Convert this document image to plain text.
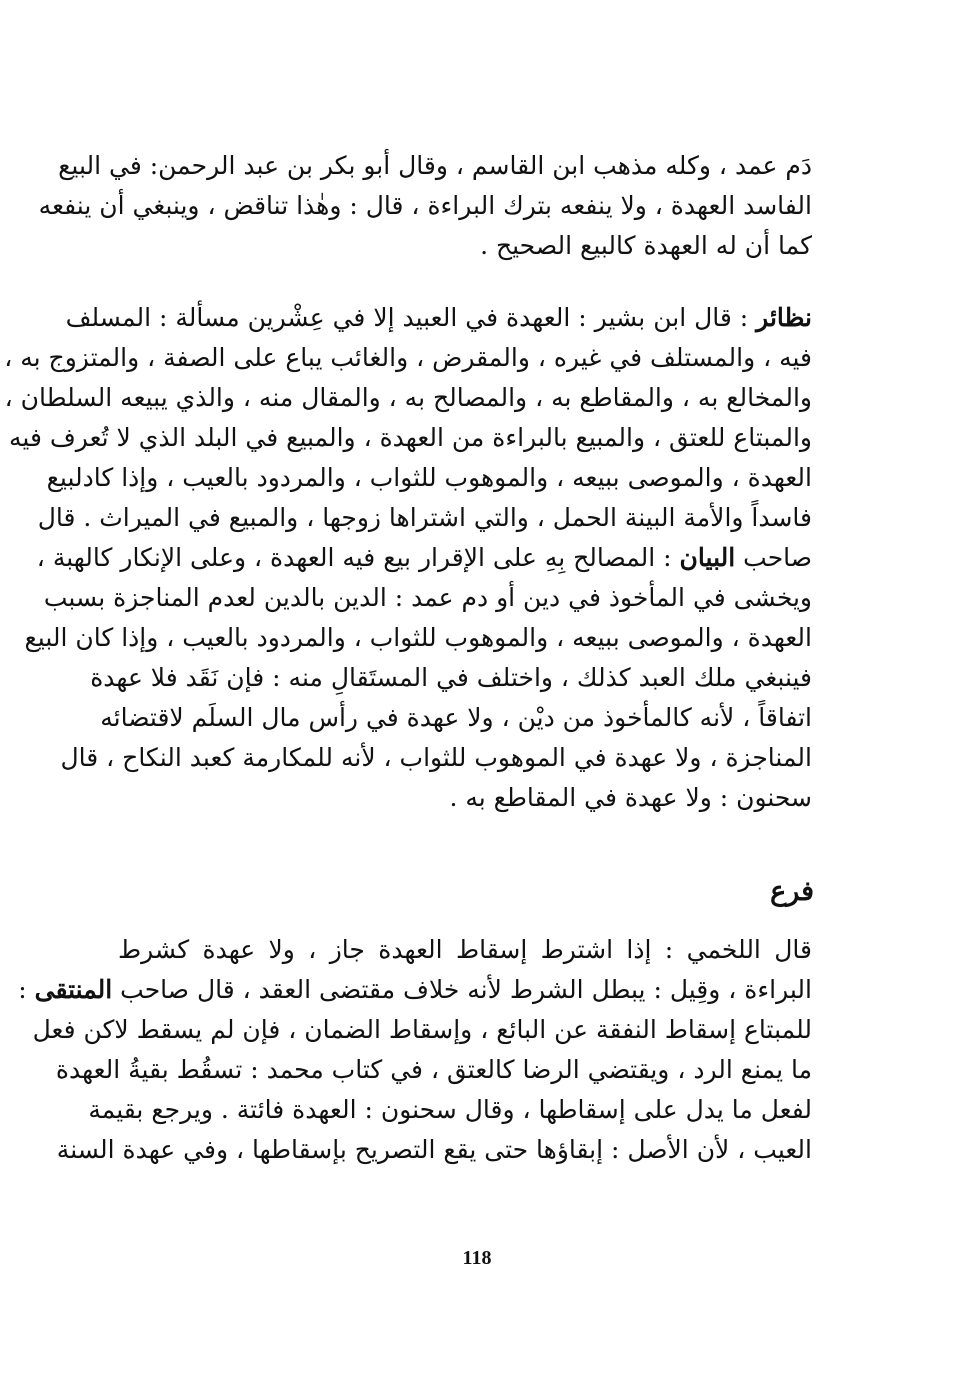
دَم عمد ، وكله مذهب ابن القاسم ، وقال أبو بكر بن عبد الرحمن: في البيع
الفاسد العهدة ، ولا ينفعه بترك البراءة ، قال : وهٰذا تناقض ، وينبغي أن ينفعه
كما أن له العهدة كالبيع الصحيح .
نظائر : قال ابن بشير : العهدة في العبيد إلا في عِشْرين مسألة : المسلف
فيه ، والمستلف في غيره ، والمقرض ، والغائب يباع على الصفة ، والمتزوج به ،
والمخالع به ، والمقاطع به ، والمصالح به ، والمقال منه ، والذي يبيعه السلطان ،
والمبتاع للعتق ، والمبيع بالبراءة من العهدة ، والمبيع في البلد الذي لا تُعرف فيه
العهدة ، والموصى ببيعه ، والموهوب للثواب ، والمردود بالعيب ، وإذا كادلبيع
فاسداً والأمة البينة الحمل ، والتي اشتراها زوجها ، والمبيع في الميراث . قال
صاحب البيان : المصالح بِهِ على الإقرار بيع فيه العهدة ، وعلى الإنكار كالهبة ،
ويخشى في المأخوذ في دين أو دم عمد : الدين بالدين لعدم المناجزة بسبب
العهدة ، والموصى ببيعه ، والموهوب للثواب ، والمردود بالعيب ، وإذا كان البيع
فينبغي ملك العبد كذلك ، واختلف في المستَقالِ منه : فإن نَقَد فلا عهدة
اتفاقاً ، لأنه كالمأخوذ من ديْن ، ولا عهدة في رأس مال السلَم لاقتضائه
المناجزة ، ولا عهدة في الموهوب للثواب ، لأنه للمكارمة كعبد النكاح ، قال
سحنون : ولا عهدة في المقاطع به .
فرع
قال اللخمي : إذا اشترط إسقاط العهدة جاز ، ولا عهدة كشرط
البراءة ، وقِيل : يبطل الشرط لأنه خلاف مقتضى العقد ، قال صاحب المنتقى :
للمبتاع إسقاط النفقة عن البائع ، وإسقاط الضمان ، فإن لم يسقط لاكن فعل
ما يمنع الرد ، ويقتضي الرضا كالعتق ، في كتاب محمد : تسقُط بقيةُ العهدة
لفعل ما يدل على إسقاطها ، وقال سحنون : العهدة فائتة . ويرجع بقيمة
العيب ، لأن الأصل : إبقاؤها حتى يقع التصريح بإسقاطها ، وفي عهدة السنة
118
